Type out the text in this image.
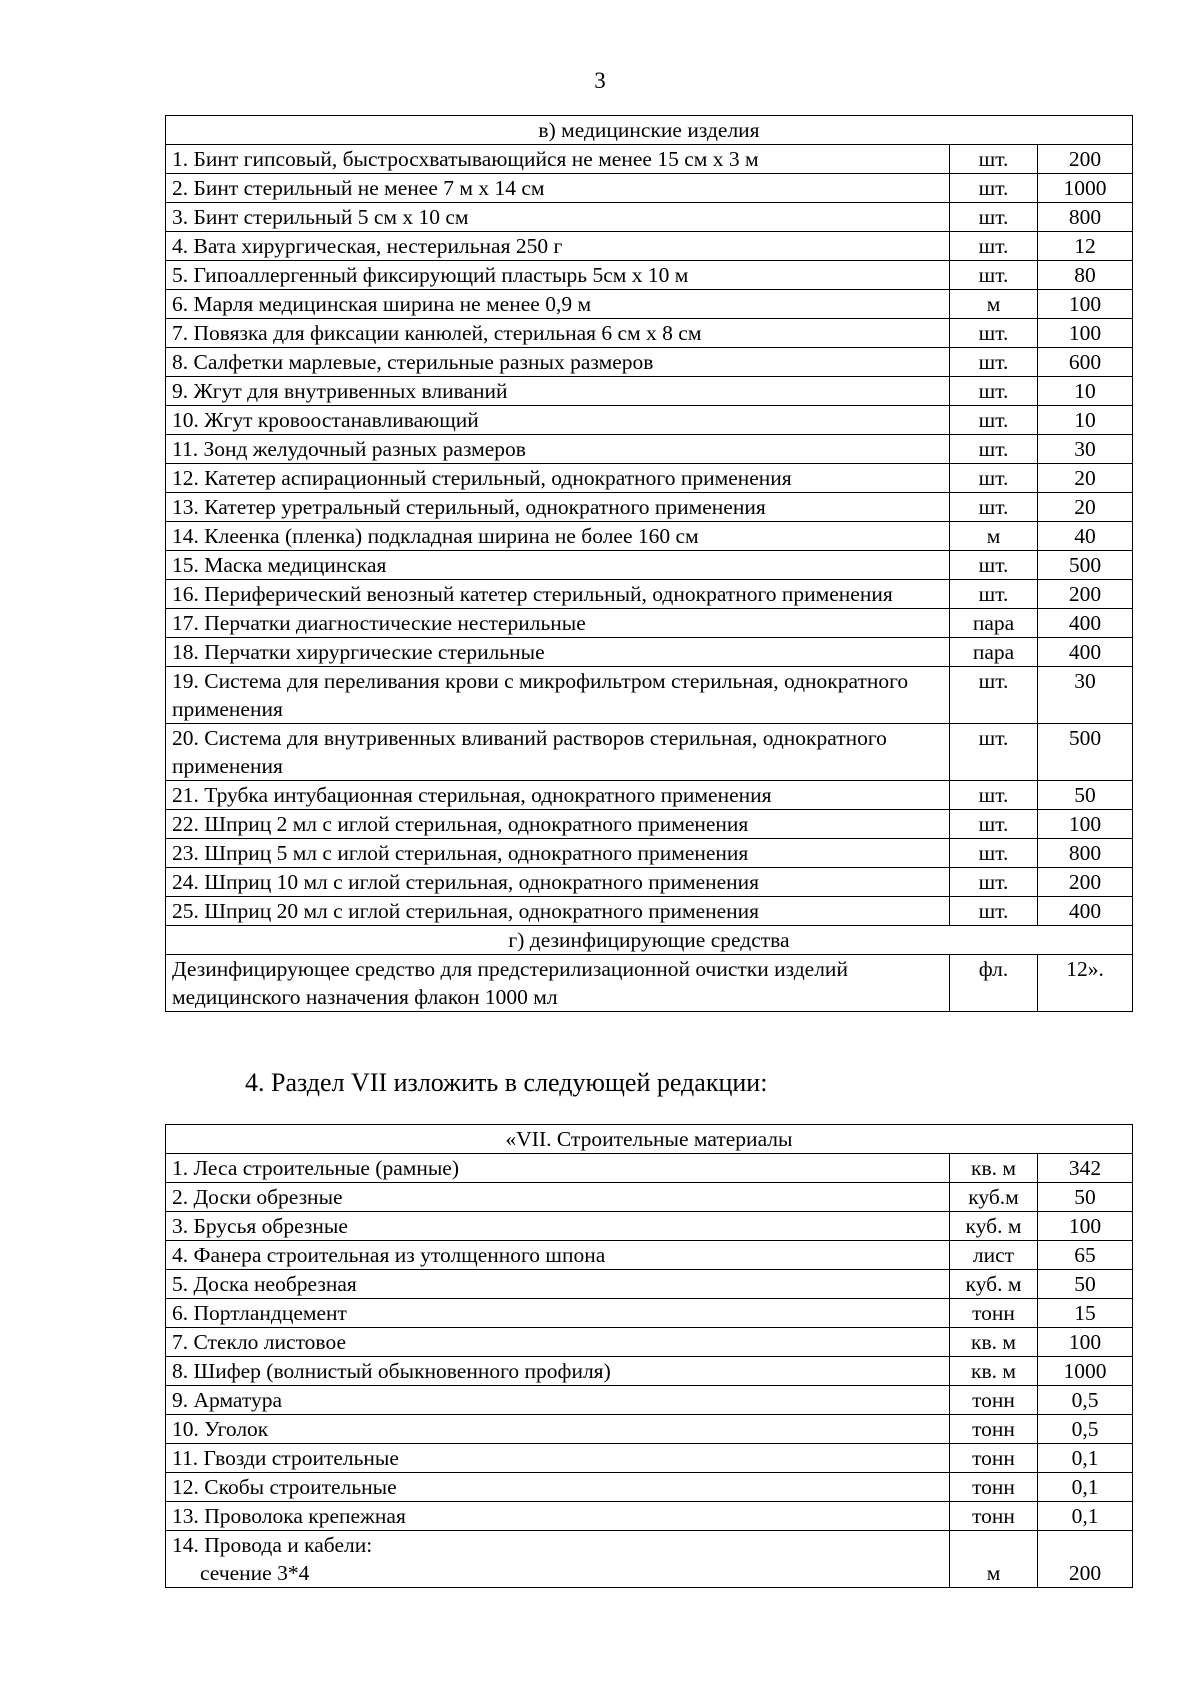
3
в) медицинские изделия		
1. Бинт гипсовый, быстросхватывающийся не менее 15 см х 3 м	шт.	200
2. Бинт стерильный не менее 7 м х 14 см	шт.	1000
3. Бинт стерильный 5 см х 10 см	шт.	800
4. Вата хирургическая, нестерильная 250 г	шт.	12
5. Гипоаллергенный фиксирующий пластырь 5см х 10 м	шт.	80
6. Марля медицинская ширина не менее 0,9 м	м	100
7. Повязка для фиксации канюлей, стерильная 6 см х 8 см	шт.	100
8. Салфетки марлевые, стерильные разных размеров	шт.	600
9. Жгут для внутривенных вливаний	шт.	10
10. Жгут кровоостанавливающий	шт.	10
11. Зонд желудочный разных размеров	шт.	30
12. Катетер аспирационный стерильный, однократного применения	шт.	20
13. Катетер уретральный стерильный, однократного применения	шт.	20
14. Клеенка (пленка) подкладная ширина не более 160 см	м	40
15. Маска медицинская	шт.	500
16. Периферический венозный катетер стерильный, однократного применения	шт.	200
17. Перчатки диагностические нестерильные	пара	400
18. Перчатки хирургические стерильные	пара	400
19. Система для переливания крови с микрофильтром стерильная, однократного применения	шт.	30
20. Система для внутривенных вливаний растворов стерильная, однократного применения	шт.	500
21. Трубка интубационная стерильная, однократного применения	шт.	50
22. Шприц 2 мл с иглой стерильная, однократного применения	шт.	100
23. Шприц 5 мл с иглой стерильная, однократного применения	шт.	800
24. Шприц 10 мл с иглой стерильная, однократного применения	шт.	200
25. Шприц 20 мл с иглой стерильная, однократного применения	шт.	400
г) дезинфицирующие средства		
Дезинфицирующее средство для предстерилизационной очистки изделий медицинского назначения флакон 1000 мл	фл.	12».
4. Раздел VII изложить в следующей редакции:
«VII. Строительные материалы		
1. Леса строительные (рамные)	кв. м	342
2. Доски обрезные	куб.м	50
3. Брусья обрезные	куб. м	100
4. Фанера строительная из утолщенного шпона	лист	65
5. Доска необрезная	куб. м	50
6. Портландцемент	тонн	15
7. Стекло листовое	кв. м	100
8. Шифер (волнистый обыкновенного профиля)	кв. м	1000
9. Арматура	тонн	0,5
10. Уголок	тонн	0,5
11. Гвозди строительные	тонн	0,1
12. Скобы строительные	тонн	0,1
13. Проволока крепежная	тонн	0,1
14. Провода и кабели:
сечение 3*4	м	200
